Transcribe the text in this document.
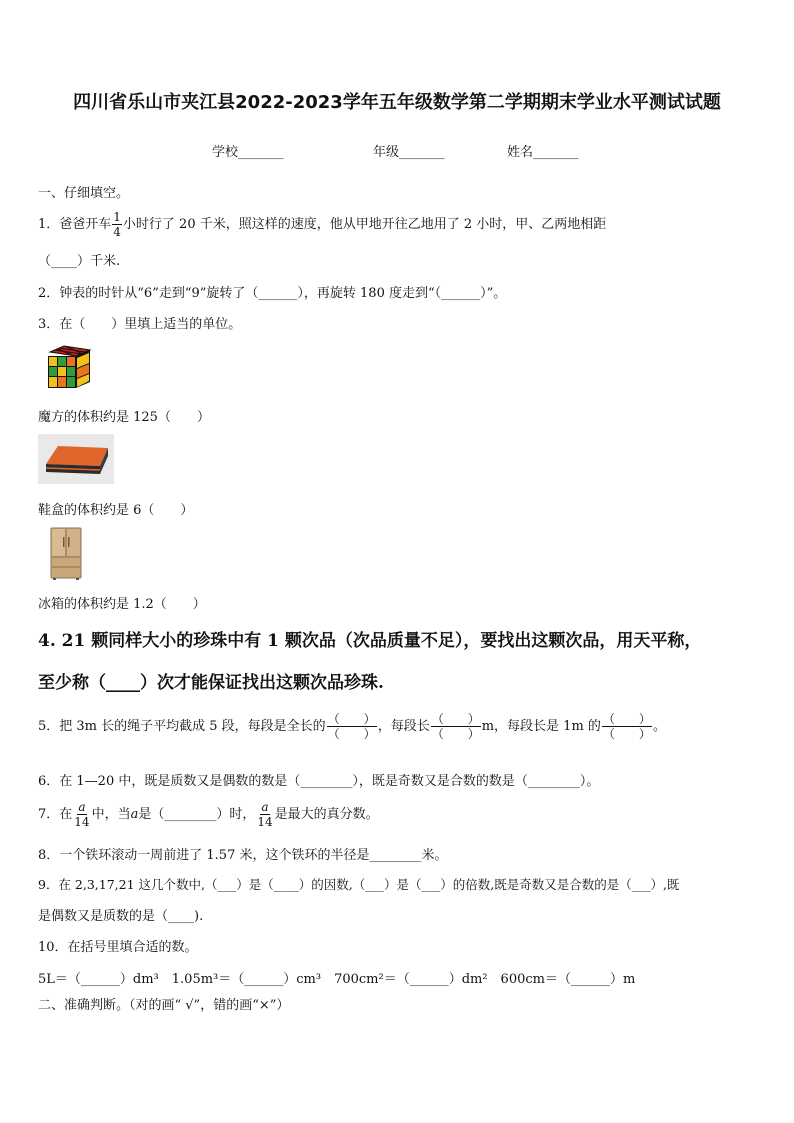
四川省乐山市夹江县2022-2023学年五年级数学第二学期期末学业水平测试试题
学校_______	年级_______	姓名_______
一、仔细填空。
1．爸爸开车 $\frac{1}{4}$ 小时行了 20 千米，照这样的速度，他从甲地开往乙地用了 2 小时，甲、乙两地相距
（____）千米.
2．钟表的时针从“6”走到“9”旋转了（______），再旋转 180 度走到“（______）”。
3．在（　　）里填上适当的单位。
魔方的体积约是 125（　　）
鞋盒的体积约是 6（　　）
冰箱的体积约是 1.2（　　）
4. 21 颗同样大小的珍珠中有 1 颗次品（次品质量不足），要找出这颗次品，用天平称，
至少称（____）次才能保证找出这颗次品珍珠.
5．把 3m 长的绳子平均截成 5 段，每段是全长的 $\frac{( )}{( )}$ ，每段长 $\frac{( )}{( )}$ m，每段长是 1m 的 $\frac{( )}{( )}$ 。
6．在 1—20 中，既是质数又是偶数的数是（________），既是奇数又是合数的数是（________）。
7．在 $\frac{a}{14}$ 中，当a是（________）时， $\frac{a}{14}$ 是最大的真分数。
8．一个铁环滚动一周前进了 1.57 米，这个铁环的半径是________米。
9．在 2,3,17,21 这几个数中,（___）是（____）的因数,（___）是（___）的倍数,既是奇数又是合数的是（___）,既
是偶数又是质数的是（____).
10．在括号里填合适的数。
5L＝（______）dm³　1.05m³＝（______）cm³　700cm²＝（______）dm²　600cm＝（______）m
二、准确判断。（对的画“ √”，错的画“×”）
